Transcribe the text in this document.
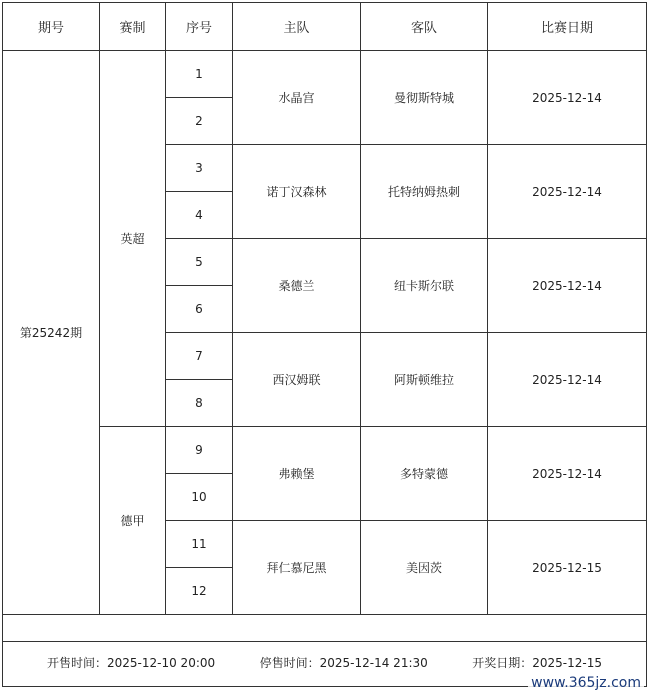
期号	赛制	序号	主队	客队	比赛日期
第25242期	英超	1	水晶宫	曼彻斯特城	2025-12-14
		2			
		3	诺丁汉森林	托特纳姆热刺	2025-12-14
		4			
		5	桑德兰	纽卡斯尔联	2025-12-14
		6			
		7	西汉姆联	阿斯顿维拉	2025-12-14
		8			
	德甲	9	弗赖堡	多特蒙德	2025-12-14
		10			
		11	拜仁慕尼黑	美因茨	2025-12-15
		12			

开售时间：2025-12-10 20:00 停售时间：2025-12-14 21:30 开奖日期：2025-12-15					
www.365jz.com
